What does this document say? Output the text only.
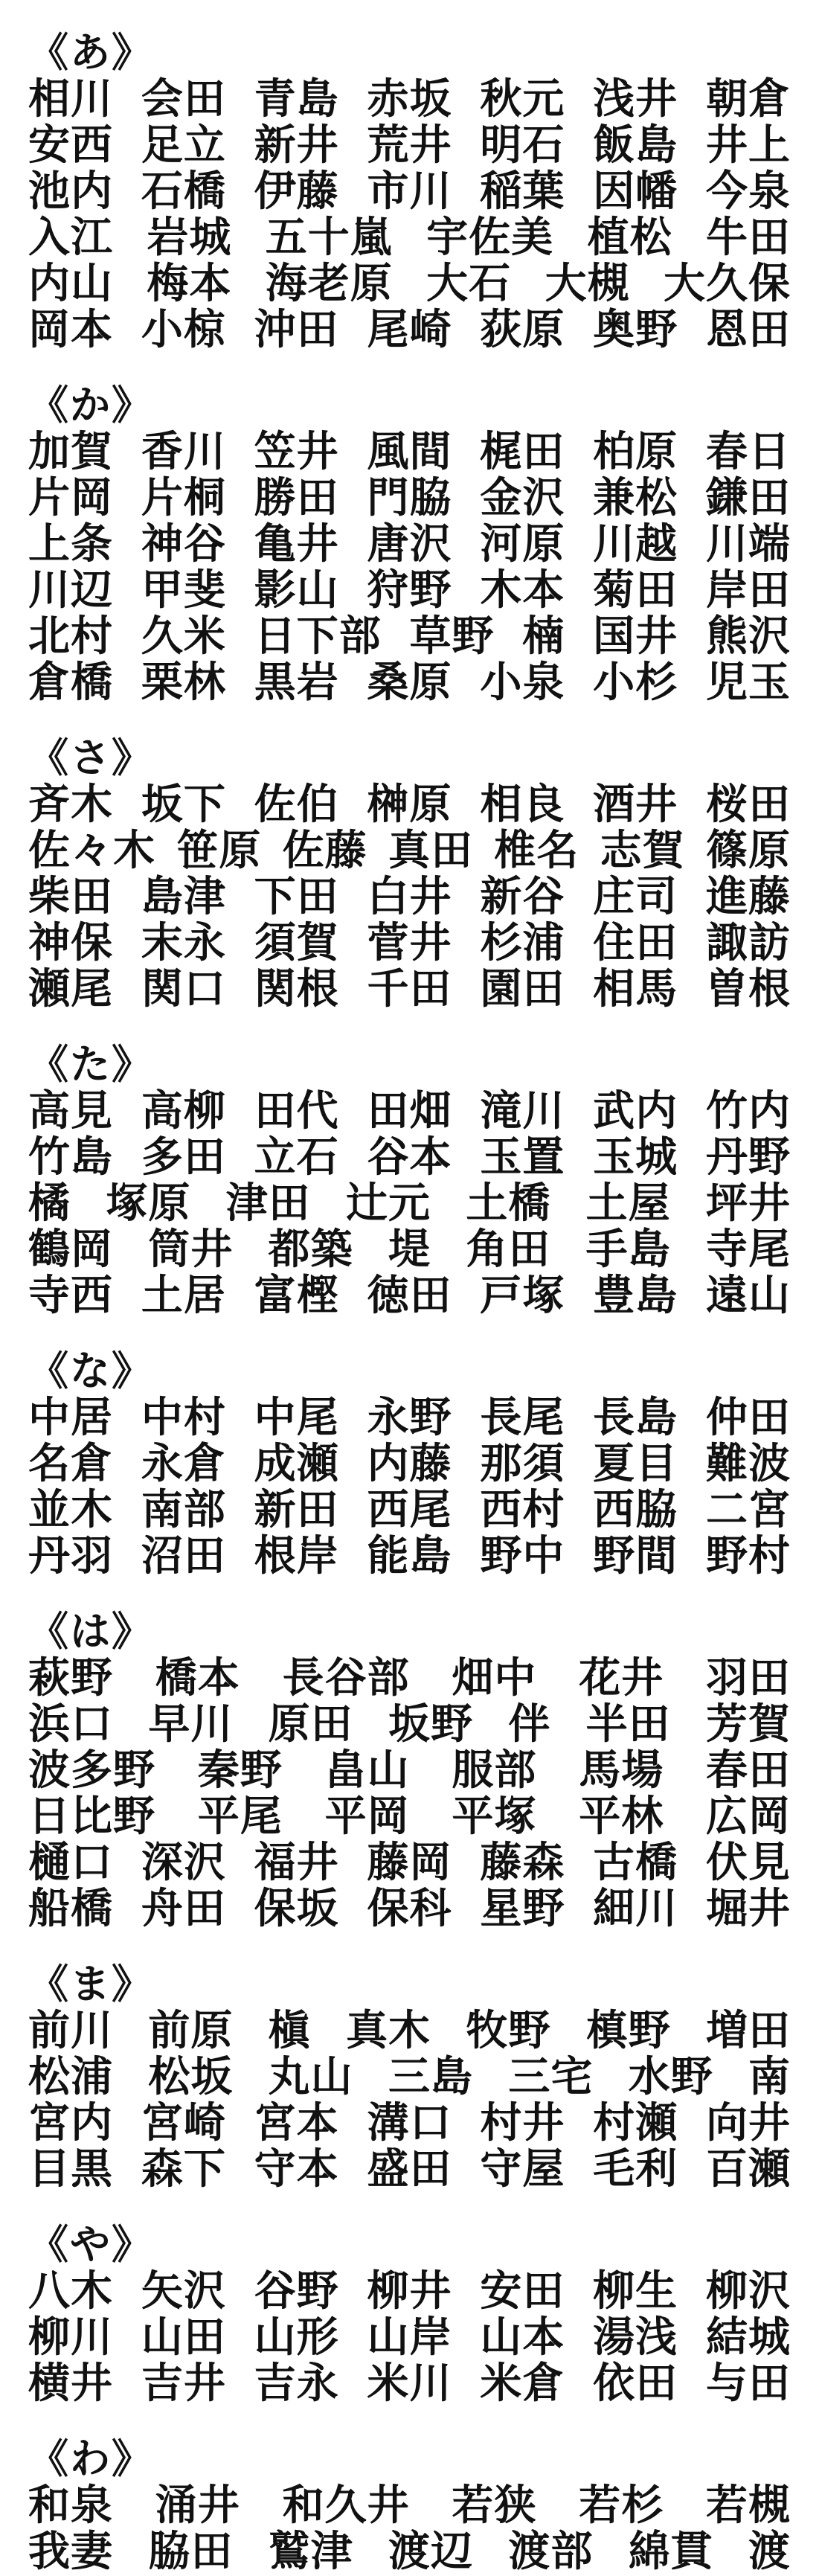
《あ》
相川 会田 青島 赤坂 秋元 浅井 朝倉
安西 足立 新井 荒井 明石 飯島 井上
池内 石橋 伊藤 市川 稲葉 因幡 今泉
入江 岩城 五十嵐 宇佐美 植松 牛田
内山 梅本 海老原 大石 大槻 大久保
岡本 小椋 沖田 尾崎 荻原 奥野 恩田
《か》
加賀 香川 笠井 風間 梶田 柏原 春日
片岡 片桐 勝田 門脇 金沢 兼松 鎌田
上条 神谷 亀井 唐沢 河原 川越 川端
川辺 甲斐 影山 狩野 木本 菊田 岸田
北村 久米 日下部 草野 楠 国井 熊沢
倉橋 栗林 黒岩 桑原 小泉 小杉 児玉
《さ》
斉木 坂下 佐伯 榊原 相良 酒井 桜田
佐々木 笹原 佐藤 真田 椎名 志賀 篠原
柴田 島津 下田 白井 新谷 庄司 進藤
神保 末永 須賀 菅井 杉浦 住田 諏訪
瀬尾 関口 関根 千田 園田 相馬 曽根
《た》
高見 高柳 田代 田畑 滝川 武内 竹内
竹島 多田 立石 谷本 玉置 玉城 丹野
橘 塚原 津田 辻元 土橋 土屋 坪井
鶴岡 筒井 都築 堤 角田 手島 寺尾
寺西 土居 富樫 徳田 戸塚 豊島 遠山
《な》
中居 中村 中尾 永野 長尾 長島 仲田
名倉 永倉 成瀬 内藤 那須 夏目 難波
並木 南部 新田 西尾 西村 西脇 二宮
丹羽 沼田 根岸 能島 野中 野間 野村
《は》
萩野 橋本 長谷部 畑中 花井 羽田
浜口 早川 原田 坂野 伴 半田 芳賀
波多野 秦野 畠山 服部 馬場 春田
日比野 平尾 平岡 平塚 平林 広岡
樋口 深沢 福井 藤岡 藤森 古橋 伏見
船橋 舟田 保坂 保科 星野 細川 堀井
《ま》
前川 前原 槇 真木 牧野 槙野 増田
松浦 松坂 丸山 三島 三宅 水野 南
宮内 宮崎 宮本 溝口 村井 村瀬 向井
目黒 森下 守本 盛田 守屋 毛利 百瀬
《や》
八木 矢沢 谷野 柳井 安田 柳生 柳沢
柳川 山田 山形 山岸 山本 湯浅 結城
横井 吉井 吉永 米川 米倉 依田 与田
《わ》
和泉 涌井 和久井 若狭 若杉 若槻
我妻 脇田 鷲津 渡辺 渡部 綿貫 渡
